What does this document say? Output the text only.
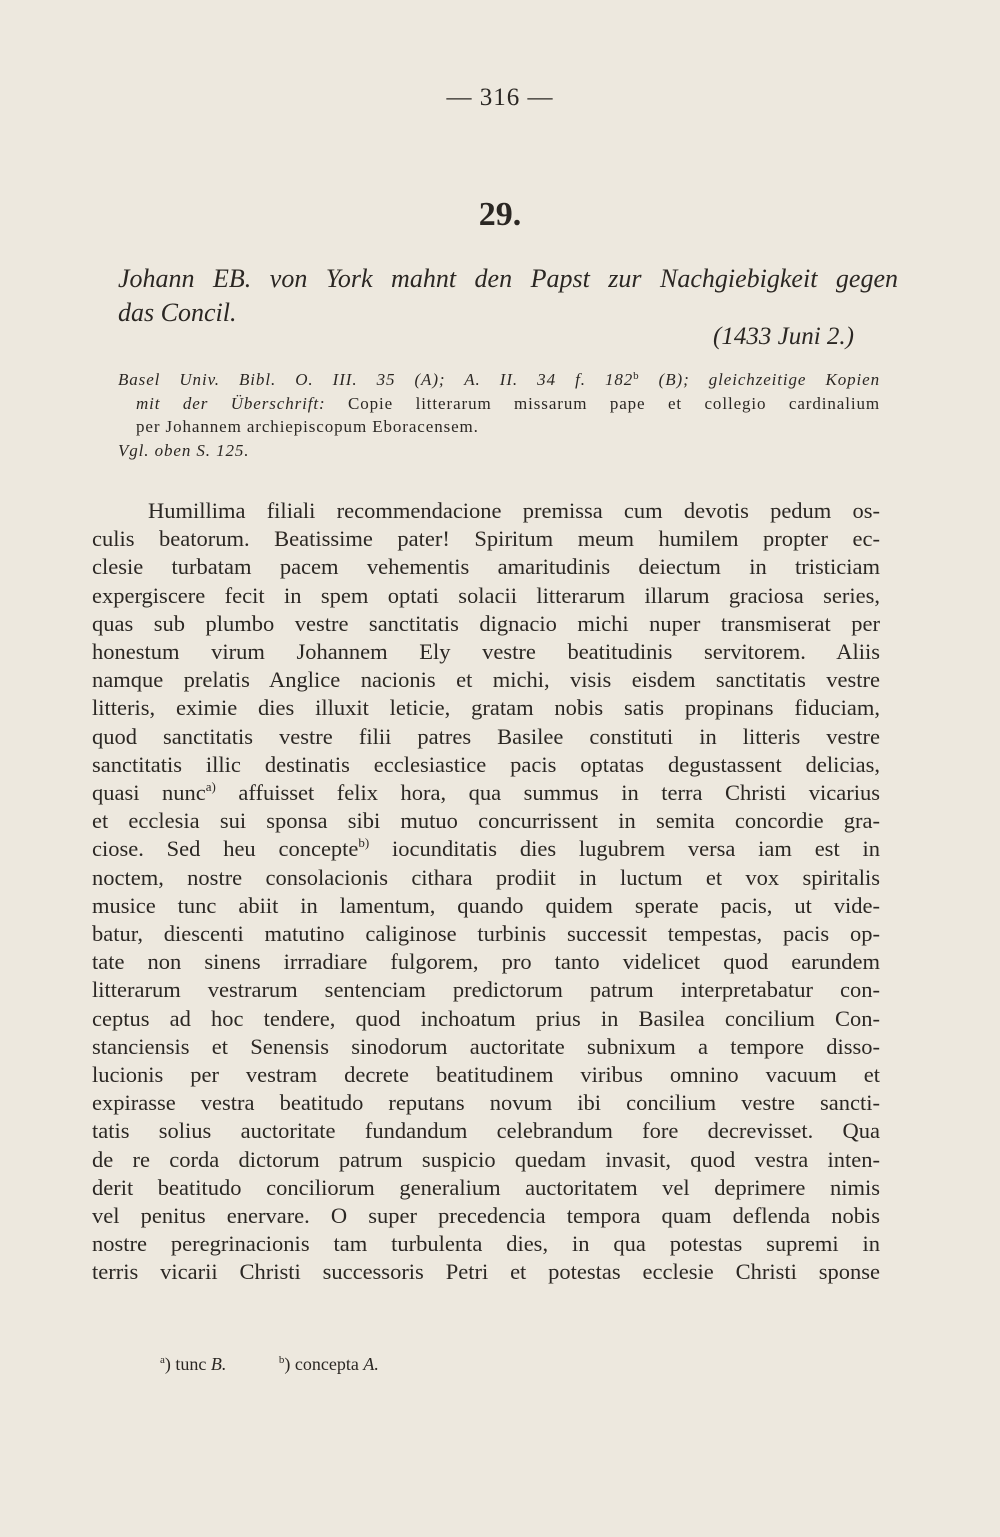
— 316 —
29.
Johann EB. von York mahnt den Papst zur Nachgiebigkeit gegen
das Concil.
(1433 Juni 2.)
Basel Univ. Bibl. O. III. 35 (A); A. II. 34 f. 182$^b$ (B); gleichzeitige Kopien
mit der Überschrift: Copie litterarum missarum pape et collegio cardinalium
per Johannem archiepiscopum Eboracensem.
Vgl. oben S. 125.
Humillima filiali recommendacione premissa cum devotis pedum os-
culis beatorum. Beatissime pater! Spiritum meum humilem propter ec-
clesie turbatam pacem vehementis amaritudinis deiectum in tristiciam
expergiscere fecit in spem optati solacii litterarum illarum graciosa series,
quas sub plumbo vestre sanctitatis dignacio michi nuper transmiserat per
honestum virum Johannem Ely vestre beatitudinis servitorem. Aliis
namque prelatis Anglice nacionis et michi, visis eisdem sanctitatis vestre
litteris, eximie dies illuxit leticie, gratam nobis satis propinans fiduciam,
quod sanctitatis vestre filii patres Basilee constituti in litteris vestre
sanctitatis illic destinatis ecclesiastice pacis optatas degustassent delicias,
quasi nunc$^{a)}$ affuisset felix hora, qua summus in terra Christi vicarius
et ecclesia sui sponsa sibi mutuo concurrissent in semita concordie gra-
ciose. Sed heu concepte$^{b)}$ iocunditatis dies lugubrem versa iam est in
noctem, nostre consolacionis cithara prodiit in luctum et vox spiritalis
musice tunc abiit in lamentum, quando quidem sperate pacis, ut vide-
batur, diescenti matutino caliginose turbinis successit tempestas, pacis op-
tate non sinens irrradiare fulgorem, pro tanto videlicet quod earundem
litterarum vestrarum sentenciam predictorum patrum interpretabatur con-
ceptus ad hoc tendere, quod inchoatum prius in Basilea concilium Con-
stanciensis et Senensis sinodorum auctoritate subnixum a tempore disso-
lucionis per vestram decrete beatitudinem viribus omnino vacuum et
expirasse vestra beatitudo reputans novum ibi concilium vestre sancti-
tatis solius auctoritate fundandum celebrandum fore decrevisset. Qua
de re corda dictorum patrum suspicio quedam invasit, quod vestra inten-
derit beatitudo conciliorum generalium auctoritatem vel deprimere nimis
vel penitus enervare. O super precedencia tempora quam deflenda nobis
nostre peregrinacionis tam turbulenta dies, in qua potestas supremi in
terris vicarii Christi successoris Petri et potestas ecclesie Christi sponse
$^a$) tunc B.	$^b$) concepta A.
